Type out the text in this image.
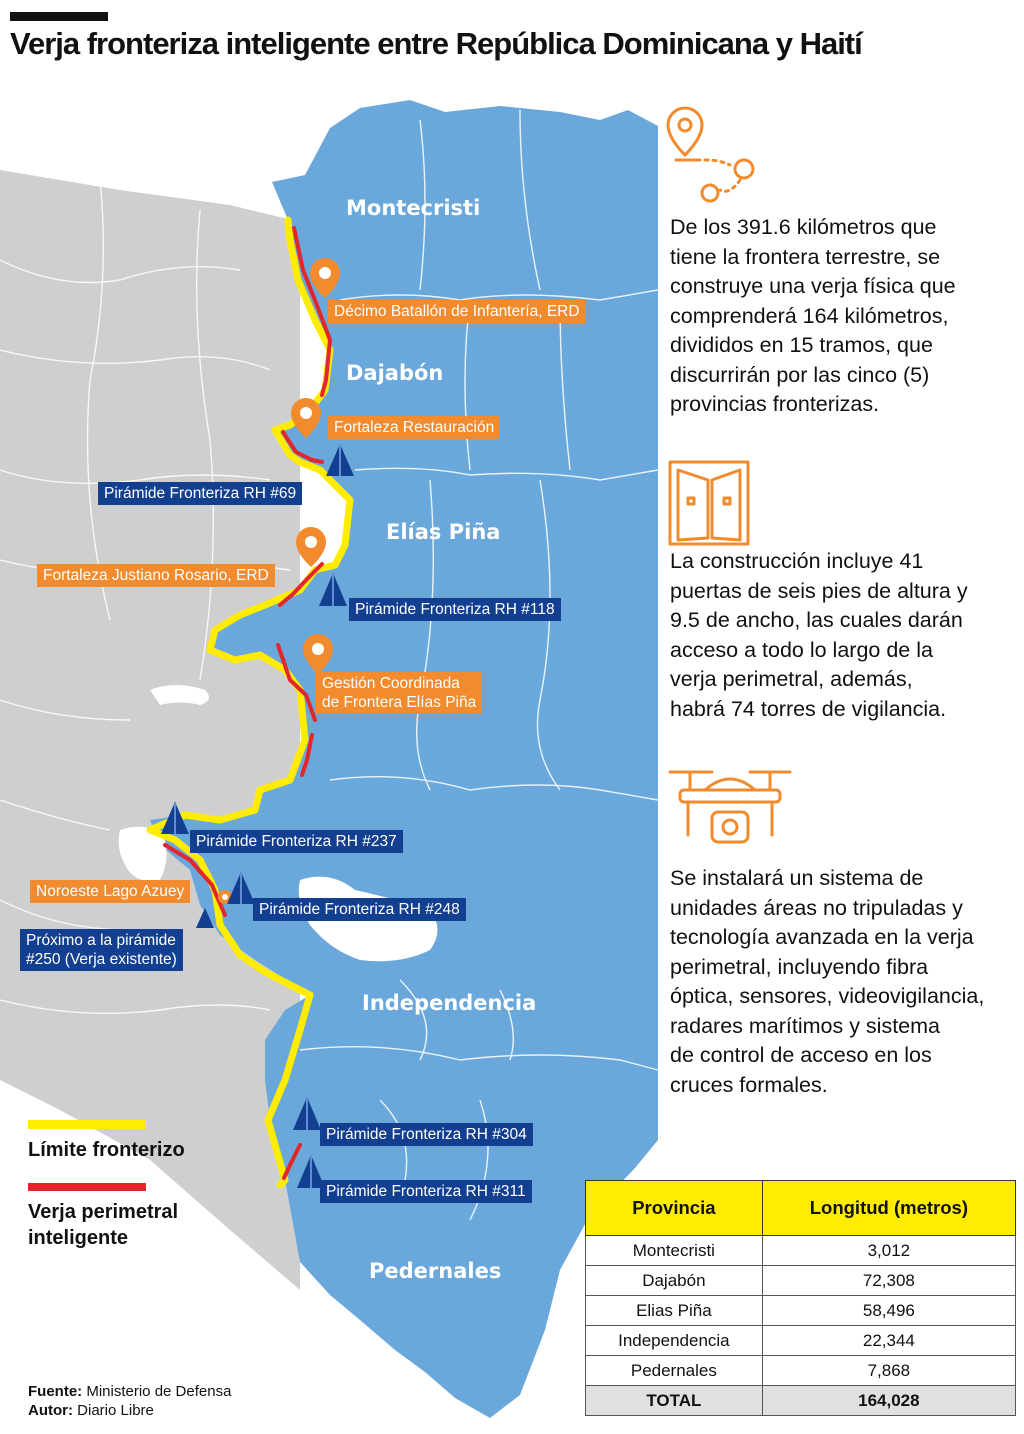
Verja fronteriza inteligente entre República Dominicana y Haití
Montecristi
Dajabón
Elías Piña
Independencia
Pedernales
Décimo Batallón de Infantería, ERD
Fortaleza Restauración
Fortaleza Justiano Rosario, ERD
Gestión Coordinada
de Frontera Elías Piña
Noroeste Lago Azuey
Pirámide Fronteriza RH #69
Pirámide Fronteriza RH #118
Pirámide Fronteriza RH #237
Pirámide Fronteriza RH #248
Próximo a la pirámide
#250 (Verja existente)
Pirámide Fronteriza RH #304
Pirámide Fronteriza RH #311
De los 391.6 kilómetros que
tiene la frontera terrestre, se
construye una verja física que
comprenderá 164 kilómetros,
divididos en 15 tramos, que
discurrirán por las cinco (5)
provincias fronterizas.
La construcción incluye 41
puertas de seis pies de altura y
9.5 de ancho, las cuales darán
acceso a todo lo largo de la
verja perimetral, además,
habrá 74 torres de vigilancia.
Se instalará un sistema de
unidades áreas no tripuladas y
tecnología avanzada en la verja
perimetral, incluyendo fibra
óptica, sensores, videovigilancia,
radares marítimos y sistema
de control de acceso en los
cruces formales.
Límite fronterizo
Verja perimetral
inteligente
Provincia	Longitud (metros)
Montecristi	3,012
Dajabón	72,308
Elias Piña	58,496
Independencia	22,344
Pedernales	7,868
TOTAL	164,028
Fuente: Ministerio de Defensa
Autor: Diario Libre
